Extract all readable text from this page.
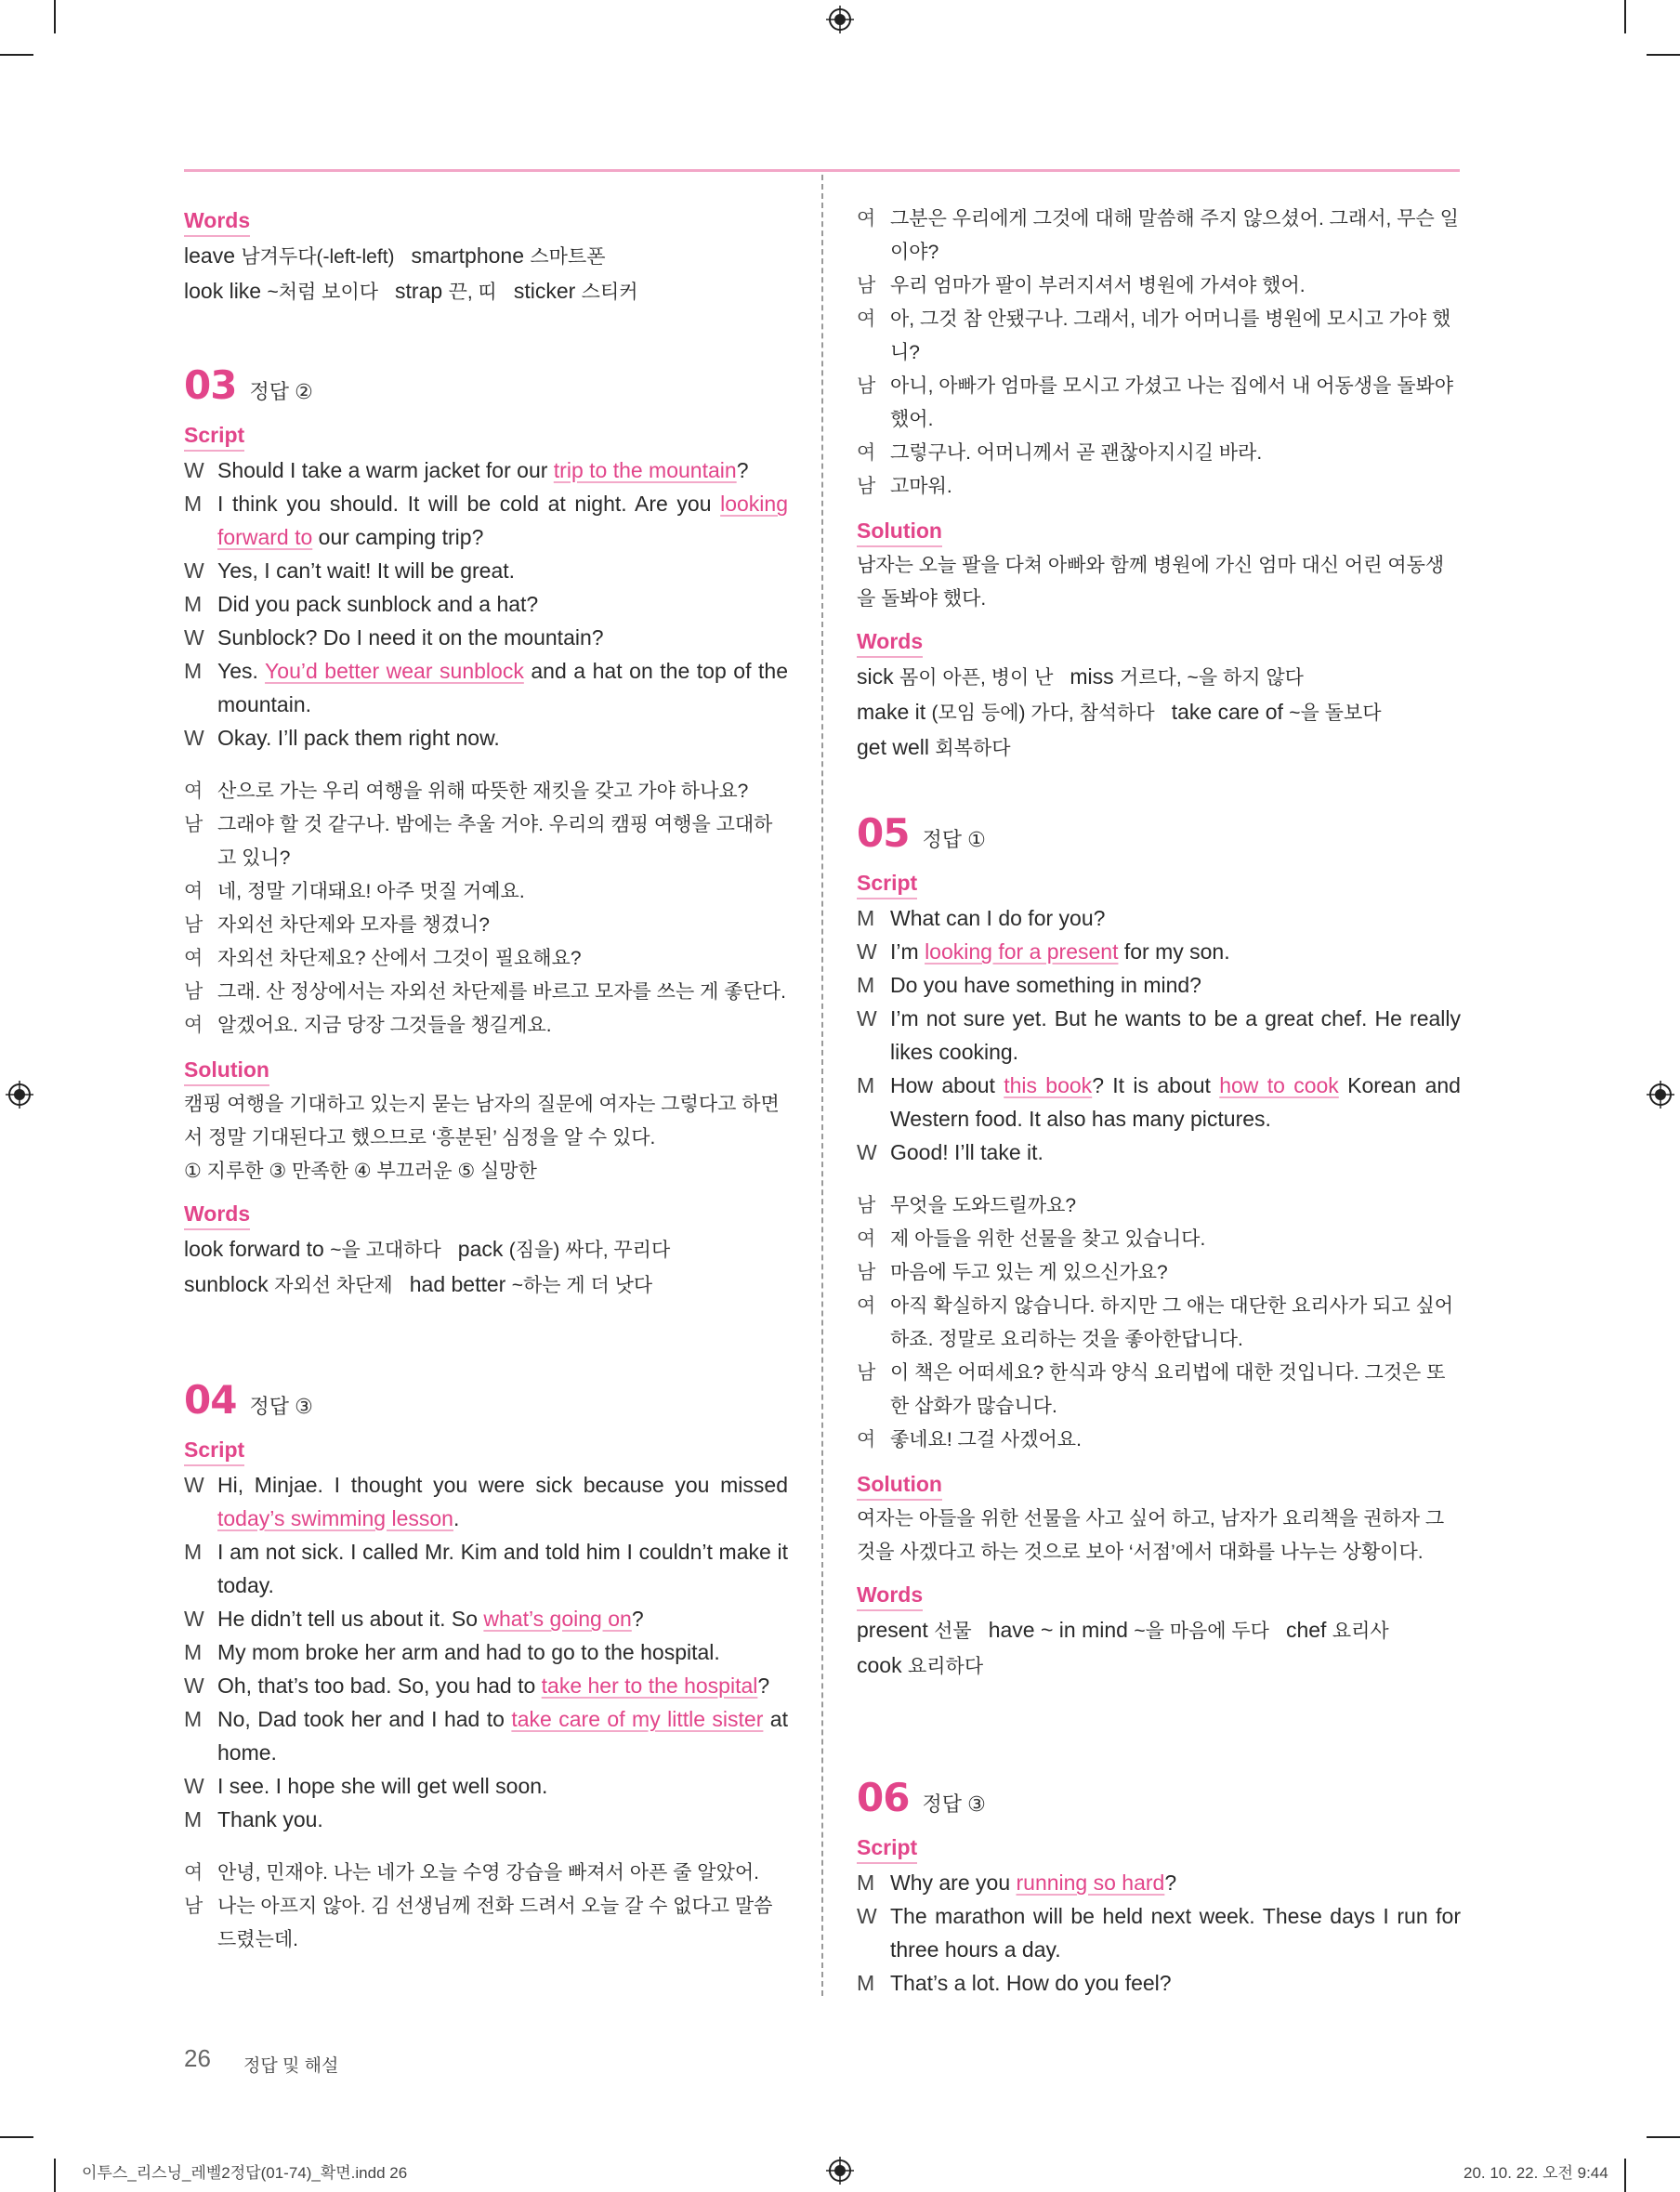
Words
leave 남겨두다(-left-left) smartphone 스마트폰
look like ~처럼 보이다 strap 끈, 띠 sticker 스티커
03 정답 ②
Script
W Should I take a warm jacket for our trip to the mountain?
M I think you should. It will be cold at night. Are you looking forward to our camping trip?
W Yes, I can’t wait! It will be great.
M Did you pack sunblock and a hat?
W Sunblock? Do I need it on the mountain?
M Yes. You’d better wear sunblock and a hat on the top of the mountain.
W Okay. I’ll pack them right now.
여 산으로 가는 우리 여행을 위해 따뜻한 재킷을 갖고 가야 하나요?
남 그래야 할 것 같구나. 밤에는 추울 거야. 우리의 캠핑 여행을 고대하고 있니?
여 네, 정말 기대돼요! 아주 멋질 거예요.
남 자외선 차단제와 모자를 챙겼니?
여 자외선 차단제요? 산에서 그것이 필요해요?
남 그래. 산 정상에서는 자외선 차단제를 바르고 모자를 쓰는 게 좋단다.
여 알겠어요. 지금 당장 그것들을 챙길게요.
Solution
캠핑 여행을 기대하고 있는지 묻는 남자의 질문에 여자는 그렇다고 하면서 정말 기대된다고 했으므로 ‘흥분된’ 심정을 알 수 있다.
① 지루한 ③ 만족한 ④ 부끄러운 ⑤ 실망한
Words
look forward to ~을 고대하다 pack (짐을) 싸다, 꾸리다
sunblock 자외선 차단제 had better ~하는 게 더 낫다
04 정답 ③
Script
W Hi, Minjae. I thought you were sick because you missed today’s swimming lesson.
M I am not sick. I called Mr. Kim and told him I couldn’t make it today.
W He didn’t tell us about it. So what’s going on?
M My mom broke her arm and had to go to the hospital.
W Oh, that’s too bad. So, you had to take her to the hospital?
M No, Dad took her and I had to take care of my little sister at home.
W I see. I hope she will get well soon.
M Thank you.
여 안녕, 민재야. 나는 네가 오늘 수영 강습을 빠져서 아픈 줄 알았어.
남 나는 아프지 않아. 김 선생님께 전화 드려서 오늘 갈 수 없다고 말씀드렸는데.
여 그분은 우리에게 그것에 대해 말씀해 주지 않으셨어. 그래서, 무슨 일이야?
남 우리 엄마가 팔이 부러지셔서 병원에 가셔야 했어.
여 아, 그것 참 안됐구나. 그래서, 네가 어머니를 병원에 모시고 가야 했니?
남 아니, 아빠가 엄마를 모시고 가셨고 나는 집에서 내 어동생을 돌봐야 했어.
여 그렇구나. 어머니께서 곧 괜찮아지시길 바라.
남 고마워.
Solution
남자는 오늘 팔을 다쳐 아빠와 함께 병원에 가신 엄마 대신 어린 여동생을 돌봐야 했다.
Words
sick 몸이 아픈, 병이 난 miss 거르다, ~을 하지 않다
make it (모임 등에) 가다, 참석하다 take care of ~을 돌보다
get well 회복하다
05 정답 ①
Script
M What can I do for you?
W I’m looking for a present for my son.
M Do you have something in mind?
W I’m not sure yet. But he wants to be a great chef. He really likes cooking.
M How about this book? It is about how to cook Korean and Western food. It also has many pictures.
W Good! I’ll take it.
남 무엇을 도와드릴까요?
여 제 아들을 위한 선물을 찾고 있습니다.
남 마음에 두고 있는 게 있으신가요?
여 아직 확실하지 않습니다. 하지만 그 애는 대단한 요리사가 되고 싶어 하죠. 정말로 요리하는 것을 좋아한답니다.
남 이 책은 어떠세요? 한식과 양식 요리법에 대한 것입니다. 그것은 또한 삽화가 많습니다.
여 좋네요! 그걸 사겠어요.
Solution
여자는 아들을 위한 선물을 사고 싶어 하고, 남자가 요리책을 권하자 그것을 사겠다고 하는 것으로 보아 ‘서점’에서 대화를 나누는 상황이다.
Words
present 선물 have ~ in mind ~을 마음에 두다 chef 요리사
cook 요리하다
06 정답 ③
Script
M Why are you running so hard?
W The marathon will be held next week. These days I run for three hours a day.
M That’s a lot. How do you feel?
26 정답 및 해설
이투스_리스닝_레벨2정답(01-74)_확면.indd 26	20. 10. 22. 오전 9:44
